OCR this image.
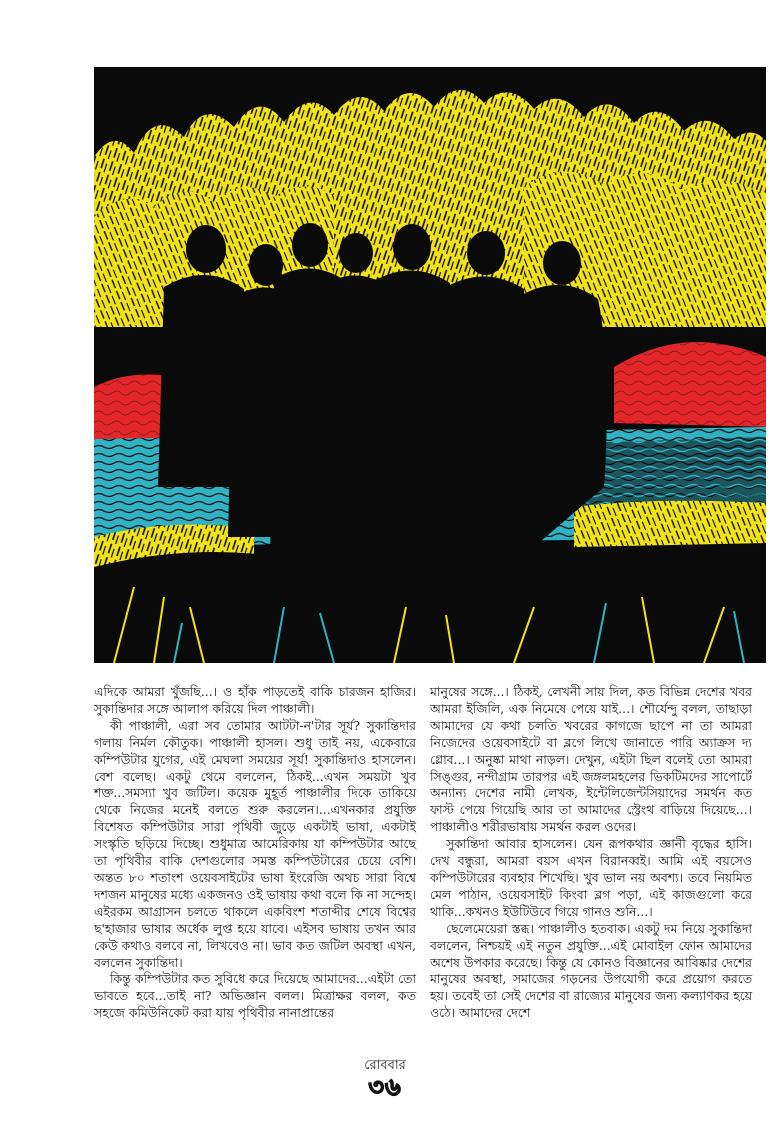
এদিকে আমরা খুঁজছি...। ও হাঁক পাড়তেই বাকি চারজন হাজির। সুকান্তিদার সঙ্গে আলাপ করিয়ে দিল পাঞ্চালী।

কী পাঞ্চালী, এরা সব তোমার আটটা-ন'টার সূর্য? সুকান্তিদার গলায় নির্মল কৌতুক। পাঞ্চালী হাসল। শুধু তাই নয়, একেবারে কম্পিউটার যুগের, এই মেঘলা সময়ের সূর্য! সুকান্তিদাও হাসলেন। বেশ বলেছ। একটু থেমে বললেন, ঠিকই...এখন সময়টা খুব শক্ত...সমস্যা খুব জটিল। কয়েক মুহূর্ত পাঞ্চালীর দিকে তাকিয়ে থেকে নিজের মনেই বলতে শুরু করলেন।...এখনকার প্রযুক্তি বিশেষত কম্পিউটার সারা পৃথিবী জুড়ে একটাই ভাষা, একটাই সংস্কৃতি ছড়িয়ে দিচ্ছে। শুধুমাত্র আমেরিকায় যা কম্পিউটার আছে তা পৃথিবীর বাকি দেশগুলোর সমস্ত কম্পিউটারের চেয়ে বেশি। অন্তত ৮০ শতাংশ ওয়েবসাইটের ভাষা ইংরেজি অথচ সারা বিশ্বে দশজন মানুষের মধ্যে একজনও ওই ভাষায় কথা বলে কি না সন্দেহ। এইরকম আগ্রাসন চলতে থাকলে একবিংশ শতাব্দীর শেষে বিশ্বের ছ'হাজার ভাষার অর্ধেক লুপ্ত হয়ে যাবে। এইসব ভাষায় তখন আর কেউ কথাও বলবে না, লিখবেও না। ভাব কত জটিল অবস্থা এখন, বললেন সুকান্তিদা।

কিন্তু কম্পিউটার কত সুবিধে করে দিয়েছে আমাদের...এইটা তো ভাবতে হবে...তাই না? অভিজ্ঞান বলল। মিত্রাক্ষর বলল, কত সহজে কমিউনিকেট করা যায় পৃথিবীর নানাপ্রান্তের

মানুষের সঙ্গে...। ঠিকই, লেখনী সায় দিল, কত বিভিন্ন দেশের খবর আমরা ইজিলি, এক নিমেষে পেয়ে যাই...। শৌর্যেন্দু বলল, তাছাড়া আমাদের যে কথা চলতি খবরের কাগজে ছাপে না তা আমরা নিজেদের ওয়েবসাইটে বা ব্লগে লিখে জানাতে পারি অ্যাক্রস দ্য গ্লোব...। অনুষ্কা মাথা নাড়ল। দেখুন, এইটা ছিল বলেই তো আমরা সিঙ্গুর, নন্দীগ্রাম তারপর এই জঙ্গলমহলের ভিকটিমদের সাপোর্টে অন্যান্য দেশের নামী লেখক, ইন্টেলিজেন্টসিয়াদের সমর্থন কত ফাস্ট পেয়ে গিয়েছি আর তা আমাদের স্ট্রেংথ বাড়িয়ে দিয়েছে...। পাঞ্চালীও শরীরভাষায় সমর্থন করল ওদের।

সুকান্তিদা আবার হাসলেন। যেন রূপকথার জ্ঞানী বৃদ্ধের হাসি। দেখ বন্ধুরা, আমরা বয়স এখন বিরানব্বই। আমি এই বয়সেও কম্পিউটারের ব্যবহার শিখেছি। খুব ভাল নয় অবশ্য। তবে নিয়মিত মেল পাঠান, ওয়েবসাইট কিংবা ব্লগ পড়া, এই কাজগুলো করে থাকি...কখনও ইউটিউবে গিয়ে গানও শুনি...।

ছেলেমেয়েরা স্তব্ধ। পাঞ্চালীও হতবাক। একটু দম নিয়ে সুকান্তিদা বললেন, নিশ্চয়ই এই নতুন প্রযুক্তি...এই মোবাইল ফোন আমাদের অশেষ উপকার করেছে। কিন্তু যে কোনও বিজ্ঞানের আবিষ্কার দেশের মানুষের অবস্থা, সমাজের গড়নের উপযোগী করে প্রয়োগ করতে হয়। তবেই তা সেই দেশের বা রাজ্যের মানুষের জন্য কল্যাণকর হয়ে ওঠে। আমাদের দেশে

রোববার
৩৬
